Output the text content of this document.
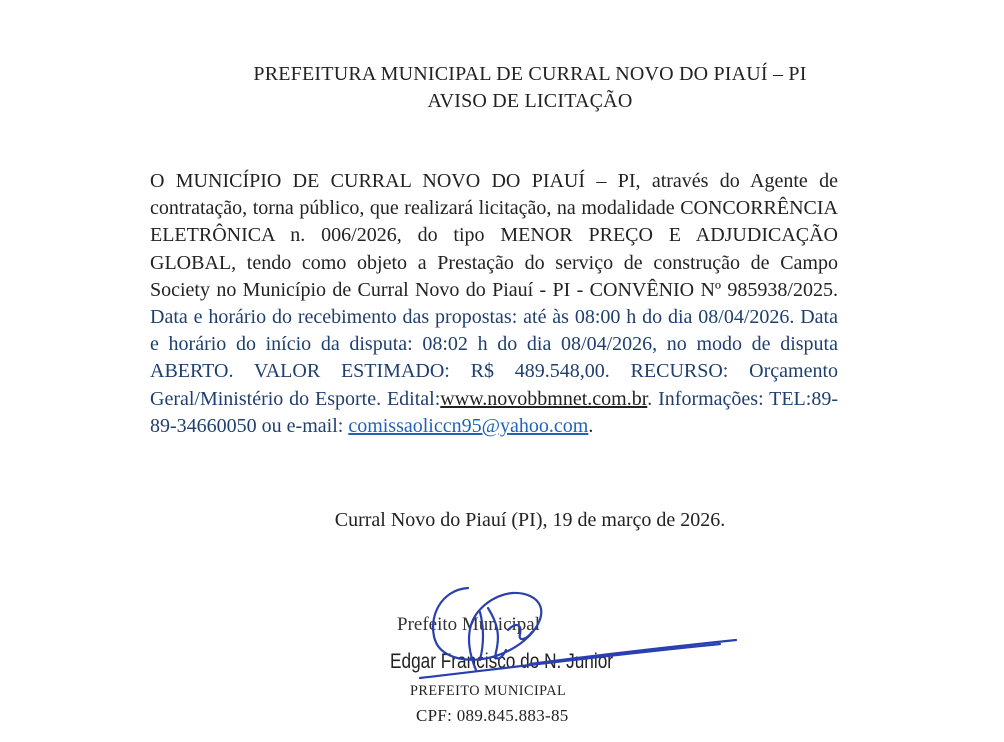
PREFEITURA MUNICIPAL DE CURRAL NOVO DO PIAUÍ – PI
AVISO DE LICITAÇÃO
O MUNICÍPIO DE CURRAL NOVO DO PIAUÍ – PI, através do Agente de contratação, torna público, que realizará licitação, na modalidade CONCORRÊNCIA ELETRÔNICA n. 006/2026, do tipo MENOR PREÇO E ADJUDICAÇÃO GLOBAL, tendo como objeto a Prestação do serviço de construção de Campo Society no Município de Curral Novo do Piauí - PI - CONVÊNIO Nº 985938/2025. Data e horário do recebimento das propostas: até às 08:00 h do dia 08/04/2026. Data e horário do início da disputa: 08:02 h do dia 08/04/2026, no modo de disputa ABERTO. VALOR ESTIMADO: R$ 489.548,00. RECURSO: Orçamento Geral/Ministério do Esporte. Edital:www.novobbmnet.com.br. Informações: TEL:89-89-34660050 ou e-mail: comissaoliccn95@yahoo.com.
Curral Novo do Piauí (PI), 19 de março de 2026.
Prefeito Municipal
Edgar Francisco do N. Junior
PREFEITO MUNICIPAL
CPF: 089.845.883-85
